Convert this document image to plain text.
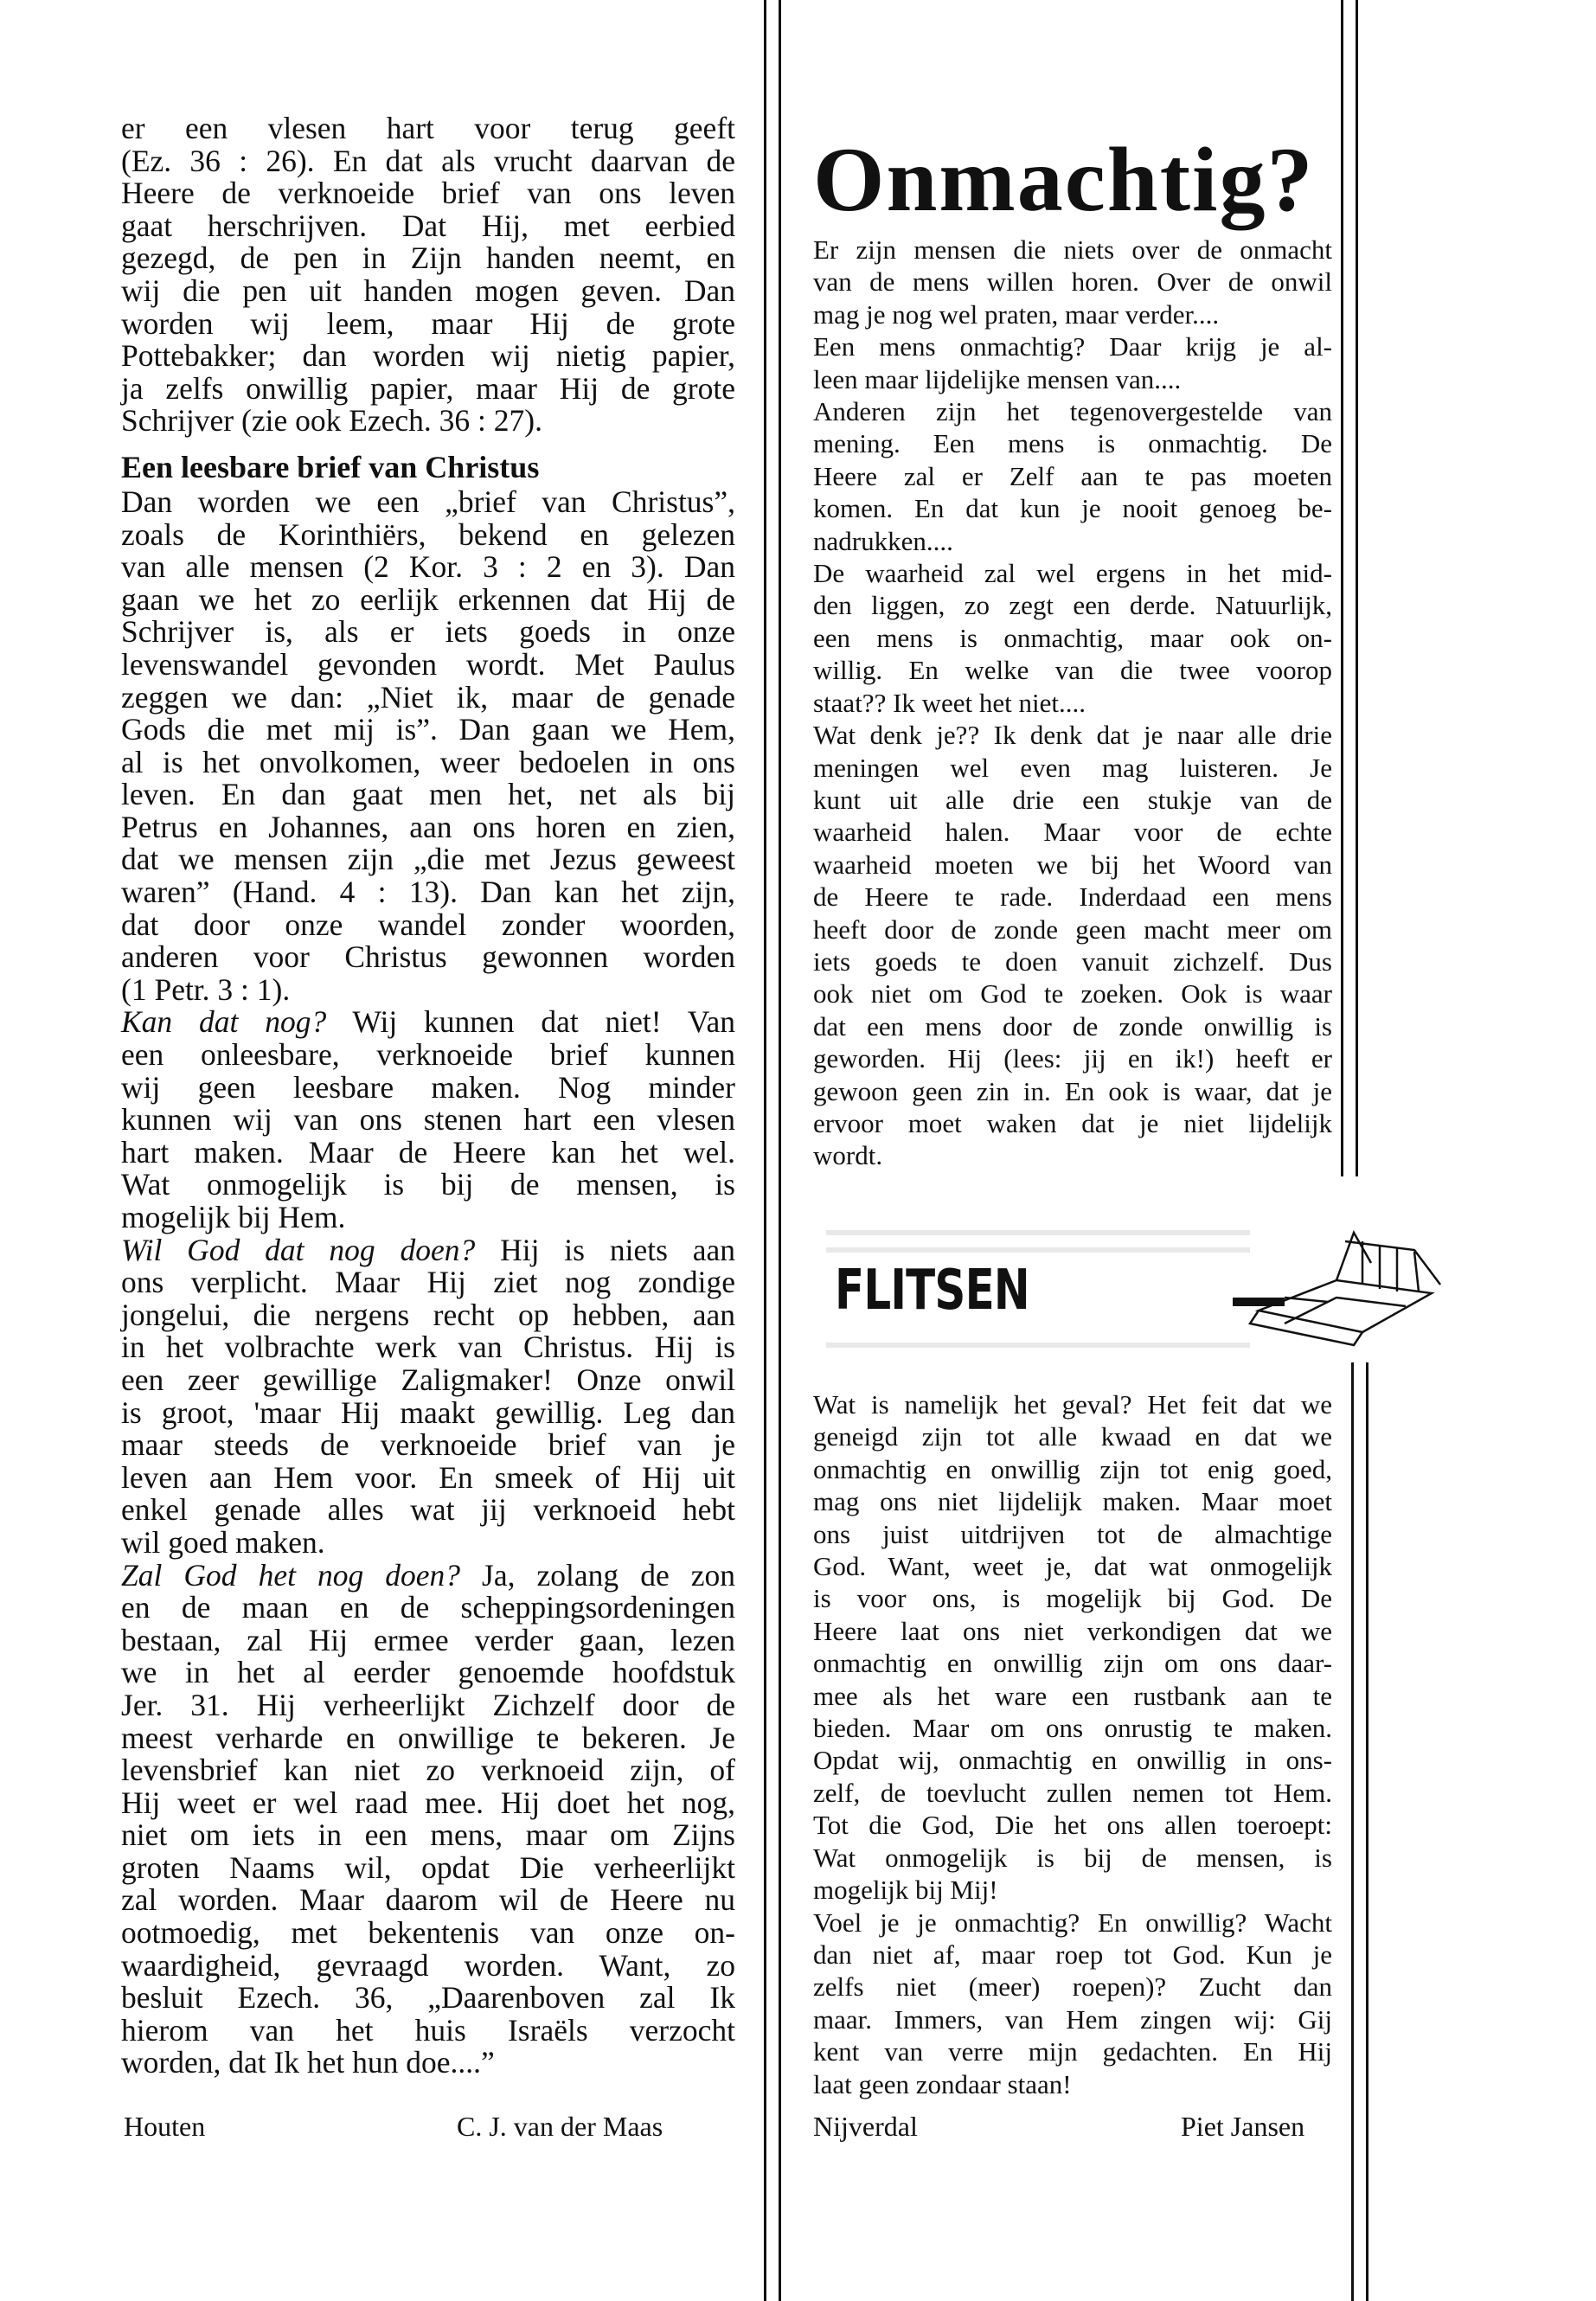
er een vlesen hart voor terug geeft

(Ez. 36 : 26). En dat als vrucht daarvan de

Heere de verknoeide brief van ons leven

gaat herschrijven. Dat Hij, met eerbied

gezegd, de pen in Zijn handen neemt, en

wij die pen uit handen mogen geven. Dan

worden wij leem, maar Hij de grote

Pottebakker; dan worden wij nietig papier,

ja zelfs onwillig papier, maar Hij de grote

Schrijver (zie ook Ezech. 36 : 27).

Een leesbare brief van Christus

Dan worden we een „brief van Christus”,

zoals de Korinthiërs, bekend en gelezen

van alle mensen (2 Kor. 3 : 2 en 3). Dan

gaan we het zo eerlijk erkennen dat Hij de

Schrijver is, als er iets goeds in onze

levenswandel gevonden wordt. Met Paulus

zeggen we dan: „Niet ik, maar de genade

Gods die met mij is”. Dan gaan we Hem,

al is het onvolkomen, weer bedoelen in ons

leven. En dan gaat men het, net als bij

Petrus en Johannes, aan ons horen en zien,

dat we mensen zijn „die met Jezus geweest

waren” (Hand. 4 : 13). Dan kan het zijn,

dat door onze wandel zonder woorden,

anderen voor Christus gewonnen worden

(1 Petr. 3 : 1).

Kan dat nog? Wij kunnen dat niet! Van

een onleesbare, verknoeide brief kunnen

wij geen leesbare maken. Nog minder

kunnen wij van ons stenen hart een vlesen

hart maken. Maar de Heere kan het wel.

Wat onmogelijk is bij de mensen, is

mogelijk bij Hem.

Wil God dat nog doen? Hij is niets aan

ons verplicht. Maar Hij ziet nog zondige

jongelui, die nergens recht op hebben, aan

in het volbrachte werk van Christus. Hij is

een zeer gewillige Zaligmaker! Onze onwil

is groot, 'maar Hij maakt gewillig. Leg dan

maar steeds de verknoeide brief van je

leven aan Hem voor. En smeek of Hij uit

enkel genade alles wat jij verknoeid hebt

wil goed maken.

Zal God het nog doen? Ja, zolang de zon

en de maan en de scheppingsordeningen

bestaan, zal Hij ermee verder gaan, lezen

we in het al eerder genoemde hoofdstuk

Jer. 31. Hij verheerlijkt Zichzelf door de

meest verharde en onwillige te bekeren. Je

levensbrief kan niet zo verknoeid zijn, of

Hij weet er wel raad mee. Hij doet het nog,

niet om iets in een mens, maar om Zijns

groten Naams wil, opdat Die verheerlijkt

zal worden. Maar daarom wil de Heere nu

ootmoedig, met bekentenis van onze on-

waardigheid, gevraagd worden. Want, zo

besluit Ezech. 36, „Daarenboven zal Ik

hierom van het huis Israëls verzocht

worden, dat Ik het hun doe....”

Houten	C. J. van der Maas
Onmachtig?

Er zijn mensen die niets over de onmacht

van de mens willen horen. Over de onwil

mag je nog wel praten, maar verder....

Een mens onmachtig? Daar krijg je al-

leen maar lijdelijke mensen van....

Anderen zijn het tegenovergestelde van

mening. Een mens is onmachtig. De

Heere zal er Zelf aan te pas moeten

komen. En dat kun je nooit genoeg be-

nadrukken....

De waarheid zal wel ergens in het mid-

den liggen, zo zegt een derde. Natuurlijk,

een mens is onmachtig, maar ook on-

willig. En welke van die twee voorop

staat?? Ik weet het niet....

Wat denk je?? Ik denk dat je naar alle drie

meningen wel even mag luisteren. Je

kunt uit alle drie een stukje van de

waarheid halen. Maar voor de echte

waarheid moeten we bij het Woord van

de Heere te rade. Inderdaad een mens

heeft door de zonde geen macht meer om

iets goeds te doen vanuit zichzelf. Dus

ook niet om God te zoeken. Ook is waar

dat een mens door de zonde onwillig is

geworden. Hij (lees: jij en ik!) heeft er

gewoon geen zin in. En ook is waar, dat je

ervoor moet waken dat je niet lijdelijk

wordt.

FLITSEN

Wat is namelijk het geval? Het feit dat we

geneigd zijn tot alle kwaad en dat we

onmachtig en onwillig zijn tot enig goed,

mag ons niet lijdelijk maken. Maar moet

ons juist uitdrijven tot de almachtige

God. Want, weet je, dat wat onmogelijk

is voor ons, is mogelijk bij God. De

Heere laat ons niet verkondigen dat we

onmachtig en onwillig zijn om ons daar-

mee als het ware een rustbank aan te

bieden. Maar om ons onrustig te maken.

Opdat wij, onmachtig en onwillig in ons-

zelf, de toevlucht zullen nemen tot Hem.

Tot die God, Die het ons allen toeroept:

Wat onmogelijk is bij de mensen, is

mogelijk bij Mij!

Voel je je onmachtig? En onwillig? Wacht

dan niet af, maar roep tot God. Kun je

zelfs niet (meer) roepen)? Zucht dan

maar. Immers, van Hem zingen wij: Gij

kent van verre mijn gedachten. En Hij

laat geen zondaar staan!

Nijverdal	Piet Jansen
